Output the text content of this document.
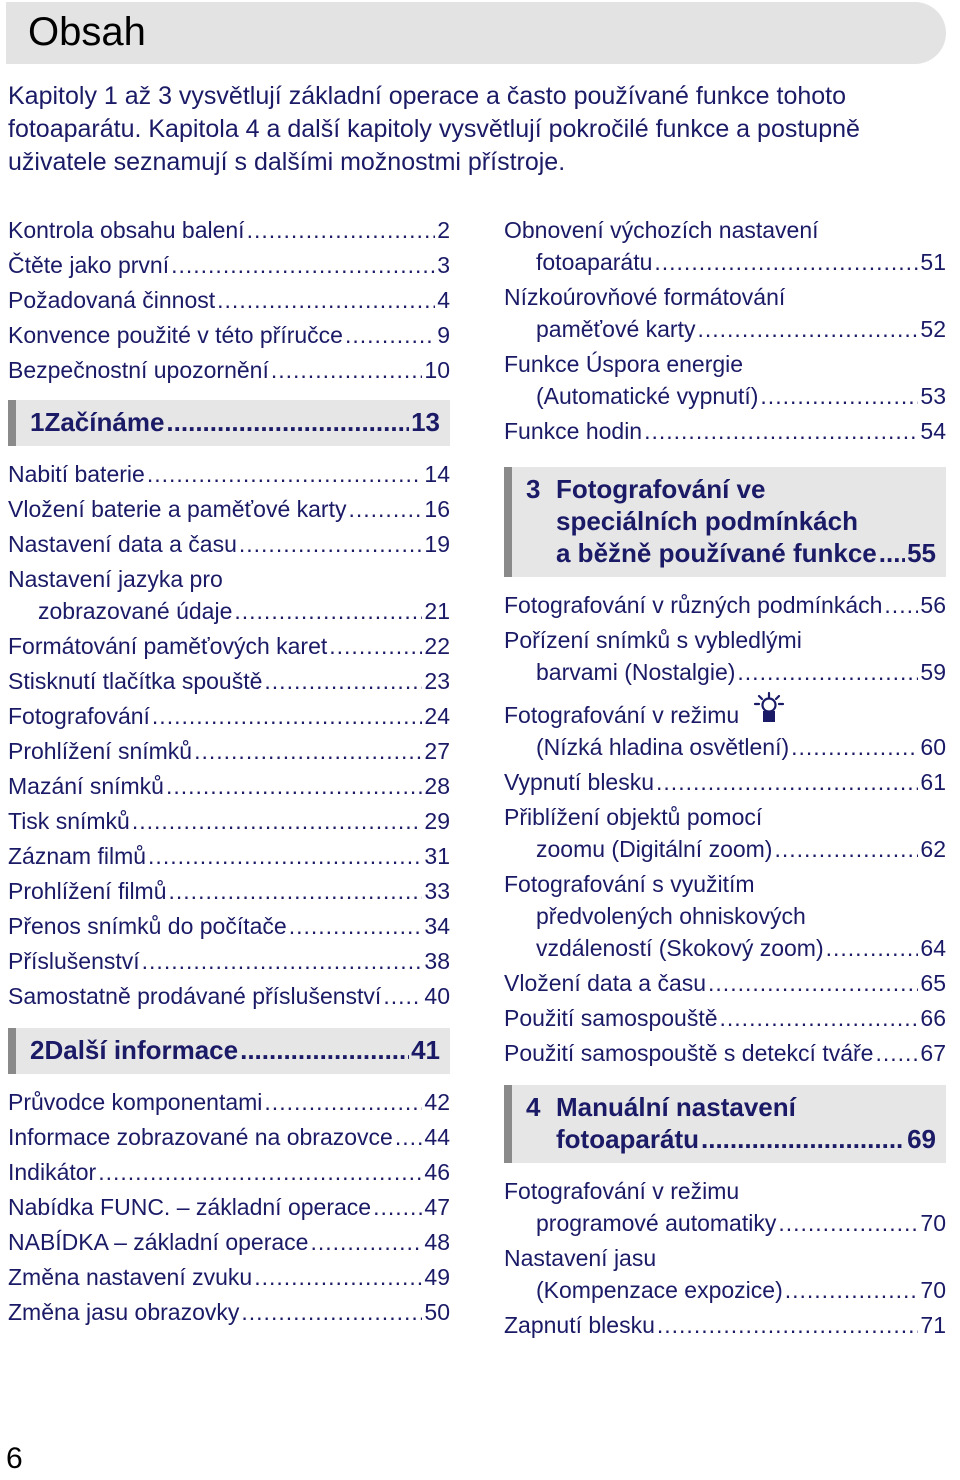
Obsah
Kapitoly 1 až 3 vysvětlují základní operace a často používané funkce tohoto fotoaparátu. Kapitola 4 a další kapitoly vysvětlují pokročilé funkce a postupně uživatele seznamují s dalšími možnostmi přístroje.
Kontrola obsahu balení .....	2
Čtěte jako první .....	3
Požadovaná činnost .....	4
Konvence použité v této příručce .....	9
Bezpečnostní upozornění .....	10
1 Začínáme .....	13
Nabití baterie .....	14
Vložení baterie a paměťové karty .....	16
Nastavení data a času .....	19
Nastavení jazyka pro
zobrazované údaje .....	21
Formátování paměťových karet .....	22
Stisknutí tlačítka spouště .....	23
Fotografování .....	24
Prohlížení snímků .....	27
Mazání snímků .....	28
Tisk snímků .....	29
Záznam filmů .....	31
Prohlížení filmů .....	33
Přenos snímků do počítače .....	34
Příslušenství .....	38
Samostatně prodávané příslušenství ..... 40
2 Další informace .....	41
Průvodce komponentami .....	42
Informace zobrazované na obrazovce ..... 44
Indikátor .....	46
Nabídka FUNC. – základní operace ..... 47
NABÍDKA – základní operace .....	48
Změna nastavení zvuku .....	49
Změna jasu obrazovky .....	50
Obnovení výchozích nastavení
fotoaparátu .....	51
Nízkoúrovňové formátování
paměťové karty .....	52
Funkce Úspora energie
(Automatické vypnutí) .....	53
Funkce hodin .....	54
3 Fotografování ve
speciálních podmínkách
a běžně používané funkce ..... 55
Fotografování v různých podmínkách ..... 56
Pořízení snímků s vybledlými
barvami (Nostalgie) .....	59
Fotografování v režimu
(Nízká hladina osvětlení) .....	60
Vypnutí blesku .....	61
Přiblížení objektů pomocí
zoomu (Digitální zoom) .....	62
Fotografování s využitím
předvolených ohniskových
vzdáleností (Skokový zoom) .....	64
Vložení data a času .....	65
Použití samospouště .....	66
Použití samospouště s detekcí tváře ..... 67
4 Manuální nastavení
fotoaparátu .....	69
Fotografování v režimu
programové automatiky .....	70
Nastavení jasu
(Kompenzace expozice) .....	70
Zapnutí blesku .....	71
6
